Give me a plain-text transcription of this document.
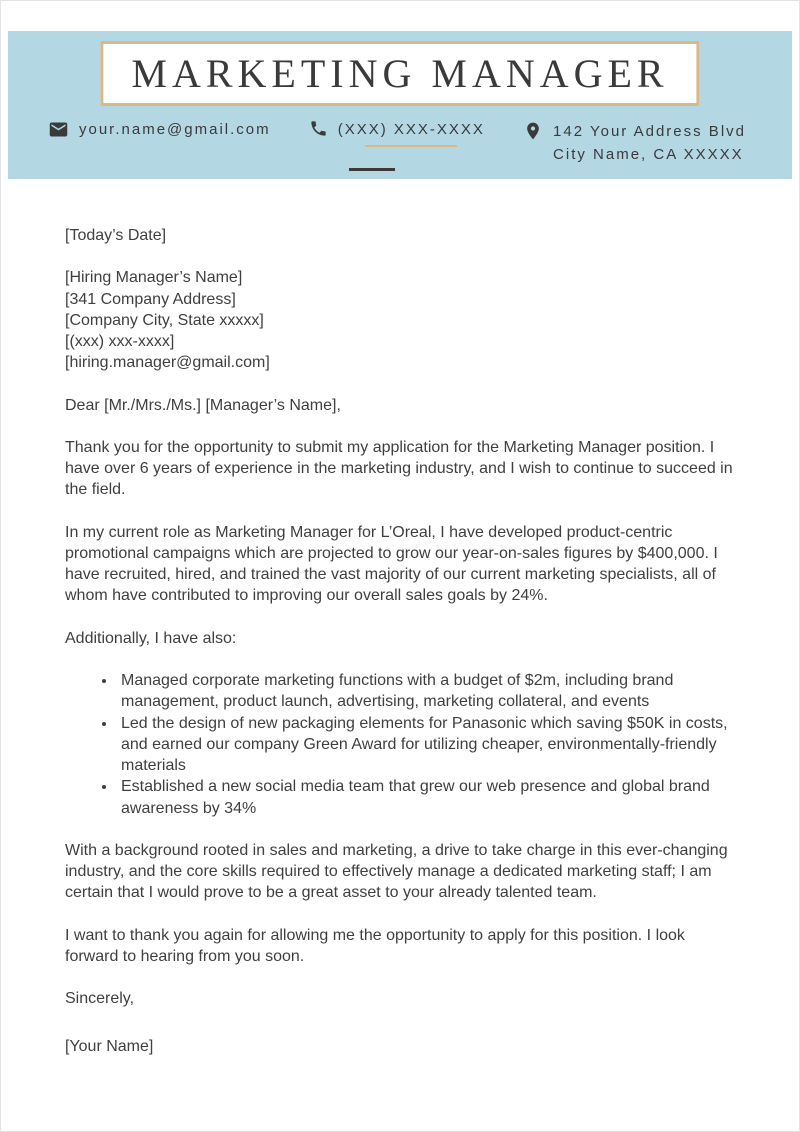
MARKETING MANAGER
your.name@gmail.com	(XXX) XXX-XXXX	142 Your Address Blvd
City Name, CA XXXXX
[Today’s Date]
[Hiring Manager’s Name]
[341 Company Address]
[Company City, State xxxxx]
[(xxx) xxx-xxxx]
[hiring.manager@gmail.com]
Dear [Mr./Mrs./Ms.] [Manager’s Name],

Thank you for the opportunity to submit my application for the Marketing Manager position. I have over 6 years of experience in the marketing industry, and I wish to continue to succeed in the field.

In my current role as Marketing Manager for L’Oreal, I have developed product-centric promotional campaigns which are projected to grow our year-on-sales figures by $400,000. I have recruited, hired, and trained the vast majority of our current marketing specialists, all of whom have contributed to improving our overall sales goals by 24%.

Additionally, I have also:

• Managed corporate marketing functions with a budget of $2m, including brand management, product launch, advertising, marketing collateral, and events
• Led the design of new packaging elements for Panasonic which saving $50K in costs, and earned our company Green Award for utilizing cheaper, environmentally-friendly materials
• Established a new social media team that grew our web presence and global brand awareness by 34%

With a background rooted in sales and marketing, a drive to take charge in this ever-changing industry, and the core skills required to effectively manage a dedicated marketing staff; I am certain that I would prove to be a great asset to your already talented team.

I want to thank you again for allowing me the opportunity to apply for this position. I look forward to hearing from you soon.

Sincerely,
[Your Name]
